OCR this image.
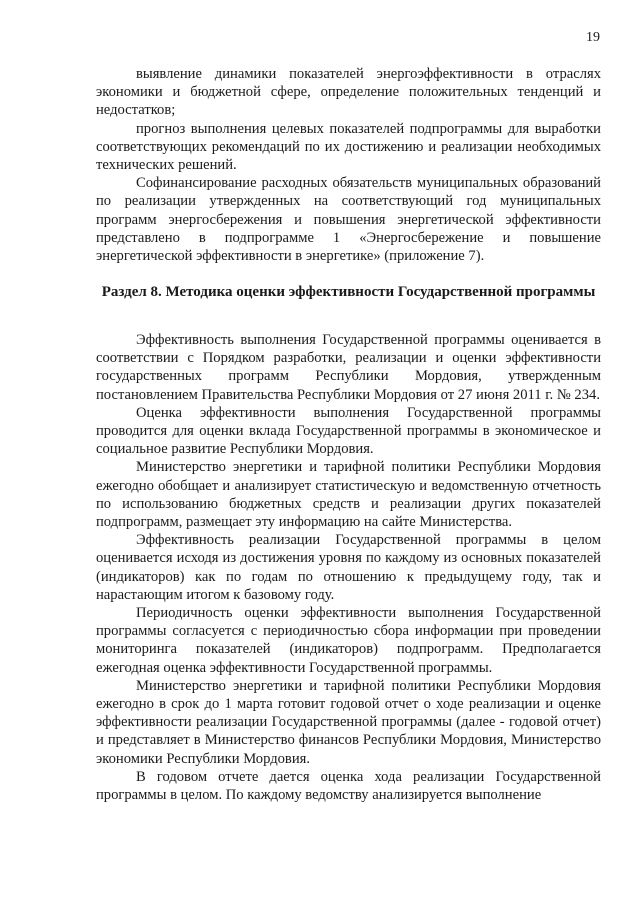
19

выявление динамики показателей энергоэффективности в отраслях экономики и бюджетной сфере, определение положительных тенденций и недостатков;

прогноз выполнения целевых показателей подпрограммы для выработки соответствующих рекомендаций по их достижению и реализации необходимых технических решений.

Софинансирование расходных обязательств муниципальных образований по реализации утвержденных на соответствующий год муниципальных программ энергосбережения и повышения энергетической эффективности представлено в подпрограмме 1 «Энергосбережение и повышение энергетической эффективности в энергетике» (приложение 7).

Раздел 8. Методика оценки эффективности Государственной программы

Эффективность выполнения Государственной программы оценивается в соответствии с Порядком разработки, реализации и оценки эффективности государственных программ Республики Мордовия, утвержденным постановлением Правительства Республики Мордовия от 27 июня 2011 г. № 234.

Оценка эффективности выполнения Государственной программы проводится для оценки вклада Государственной программы в экономическое и социальное развитие Республики Мордовия.

Министерство энергетики и тарифной политики Республики Мордовия ежегодно обобщает и анализирует статистическую и ведомственную отчетность по использованию бюджетных средств и реализации других показателей подпрограмм, размещает эту информацию на сайте Министерства.

Эффективность реализации Государственной программы в целом оценивается исходя из достижения уровня по каждому из основных показателей (индикаторов) как по годам по отношению к предыдущему году, так и нарастающим итогом к базовому году.

Периодичность оценки эффективности выполнения Государственной программы согласуется с периодичностью сбора информации при проведении мониторинга показателей (индикаторов) подпрограмм. Предполагается ежегодная оценка эффективности Государственной программы.

Министерство энергетики и тарифной политики Республики Мордовия ежегодно в срок до 1 марта готовит годовой отчет о ходе реализации и оценке эффективности реализации Государственной программы (далее - годовой отчет) и представляет в Министерство финансов Республики Мордовия, Министерство экономики Республики Мордовия.

В годовом отчете дается оценка хода реализации Государственной программы в целом. По каждому ведомству анализируется выполнение
